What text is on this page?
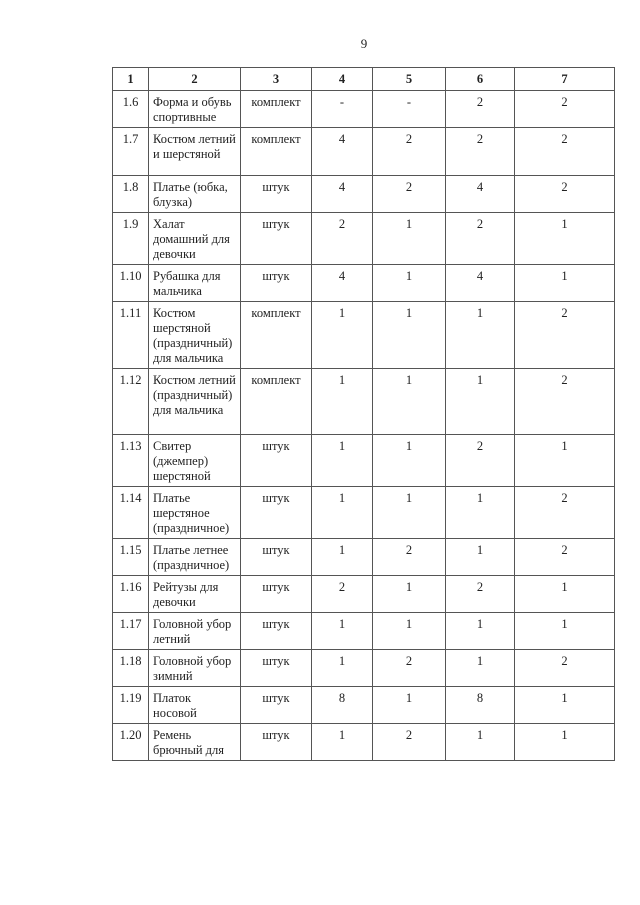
9
1	2	3	4	5	6	7
1.6	Форма и обувь спортивные	комплект	-	-	2	2
1.7	Костюм летний и шерстяной	комплект	4	2	2	2
1.8	Платье (юбка, блузка)	штук	4	2	4	2
1.9	Халат домашний для девочки	штук	2	1	2	1
1.10	Рубашка для мальчика	штук	4	1	4	1
1.11	Костюм шерстяной (праздничный) для мальчика	комплект	1	1	1	2
1.12	Костюм летний (праздничный) для мальчика	комплект	1	1	1	2
1.13	Свитер (джемпер) шерстяной	штук	1	1	2	1
1.14	Платье шерстяное (праздничное)	штук	1	1	1	2
1.15	Платье летнее (праздничное)	штук	1	2	1	2
1.16	Рейтузы для девочки	штук	2	1	2	1
1.17	Головной убор летний	штук	1	1	1	1
1.18	Головной убор зимний	штук	1	2	1	2
1.19	Платок носовой	штук	8	1	8	1
1.20	Ремень брючный для	штук	1	2	1	1
